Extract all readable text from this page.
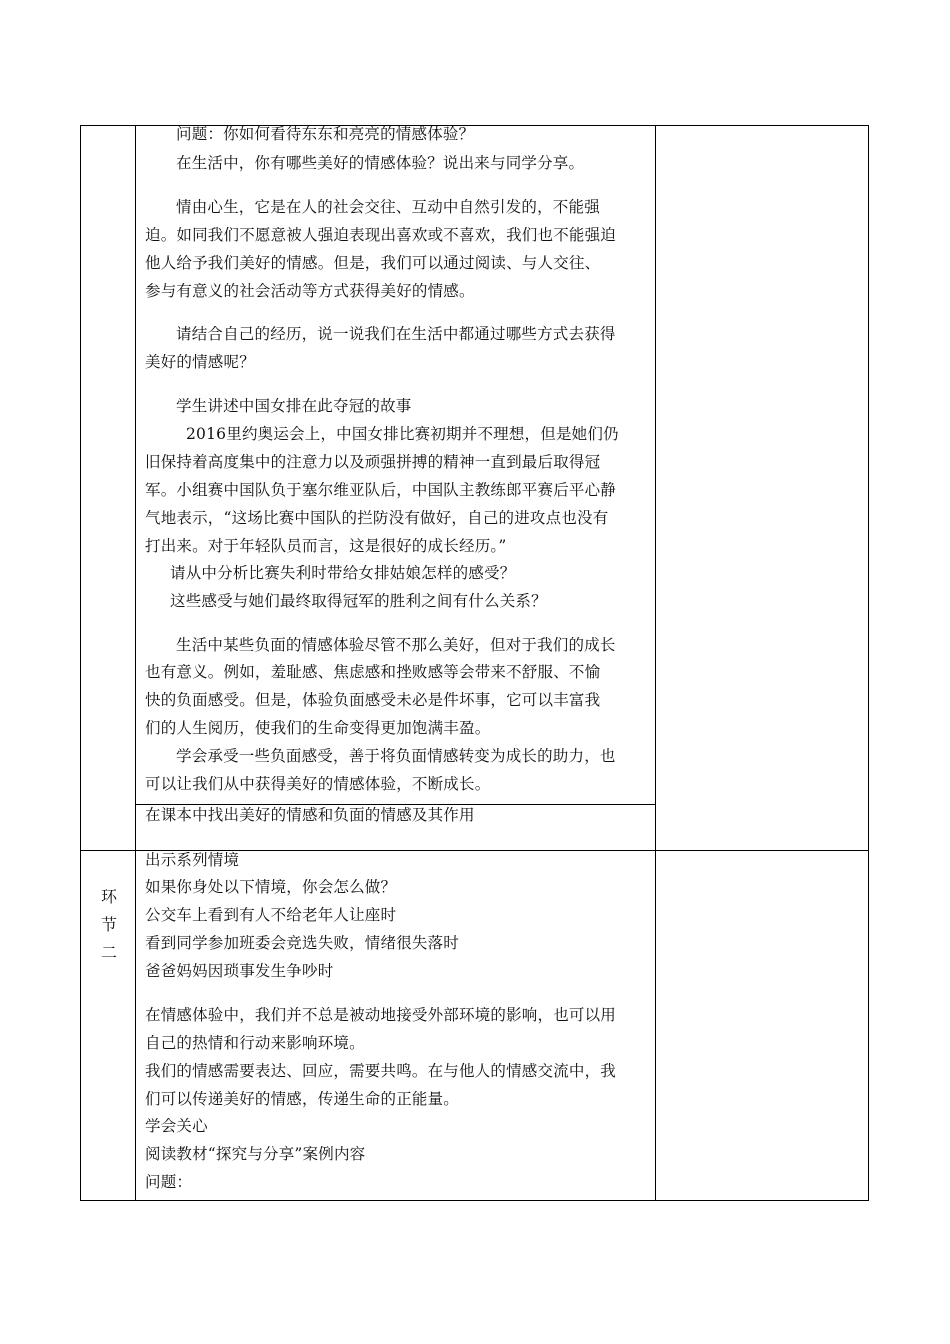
问题：你如何看待东东和亮亮的情感体验？
在生活中，你有哪些美好的情感体验？说出来与同学分享。
情由心生，它是在人的社会交往、互动中自然引发的，不能强
迫。如同我们不愿意被人强迫表现出喜欢或不喜欢，我们也不能强迫
他人给予我们美好的情感。但是，我们可以通过阅读、与人交往、
参与有意义的社会活动等方式获得美好的情感。
请结合自己的经历，说一说我们在生活中都通过哪些方式去获得
美好的情感呢？
学生讲述中国女排在此夺冠的故事
2016里约奥运会上，中国女排比赛初期并不理想，但是她们仍
旧保持着高度集中的注意力以及顽强拼搏的精神一直到最后取得冠
军。小组赛中国队负于塞尔维亚队后，中国队主教练郎平赛后平心静
气地表示，“这场比赛中国队的拦防没有做好，自己的进攻点也没有
打出来。对于年轻队员而言，这是很好的成长经历。”
请从中分析比赛失利时带给女排姑娘怎样的感受？
这些感受与她们最终取得冠军的胜利之间有什么关系？
生活中某些负面的情感体验尽管不那么美好，但对于我们的成长
也有意义。例如，羞耻感、焦虑感和挫败感等会带来不舒服、不愉
快的负面感受。但是，体验负面感受未必是件坏事，它可以丰富我
们的人生阅历，使我们的生命变得更加饱满丰盈。
学会承受一些负面感受，善于将负面情感转变为成长的助力，也
可以让我们从中获得美好的情感体验，不断成长。
在课本中找出美好的情感和负面的情感及其作用
环
节
二
出示系列情境
如果你身处以下情境，你会怎么做？
公交车上看到有人不给老年人让座时
看到同学参加班委会竞选失败，情绪很失落时
爸爸妈妈因琐事发生争吵时
在情感体验中，我们并不总是被动地接受外部环境的影响，也可以用
自己的热情和行动来影响环境。
我们的情感需要表达、回应，需要共鸣。在与他人的情感交流中，我
们可以传递美好的情感，传递生命的正能量。
学会关心
阅读教材“探究与分享”案例内容
问题：
